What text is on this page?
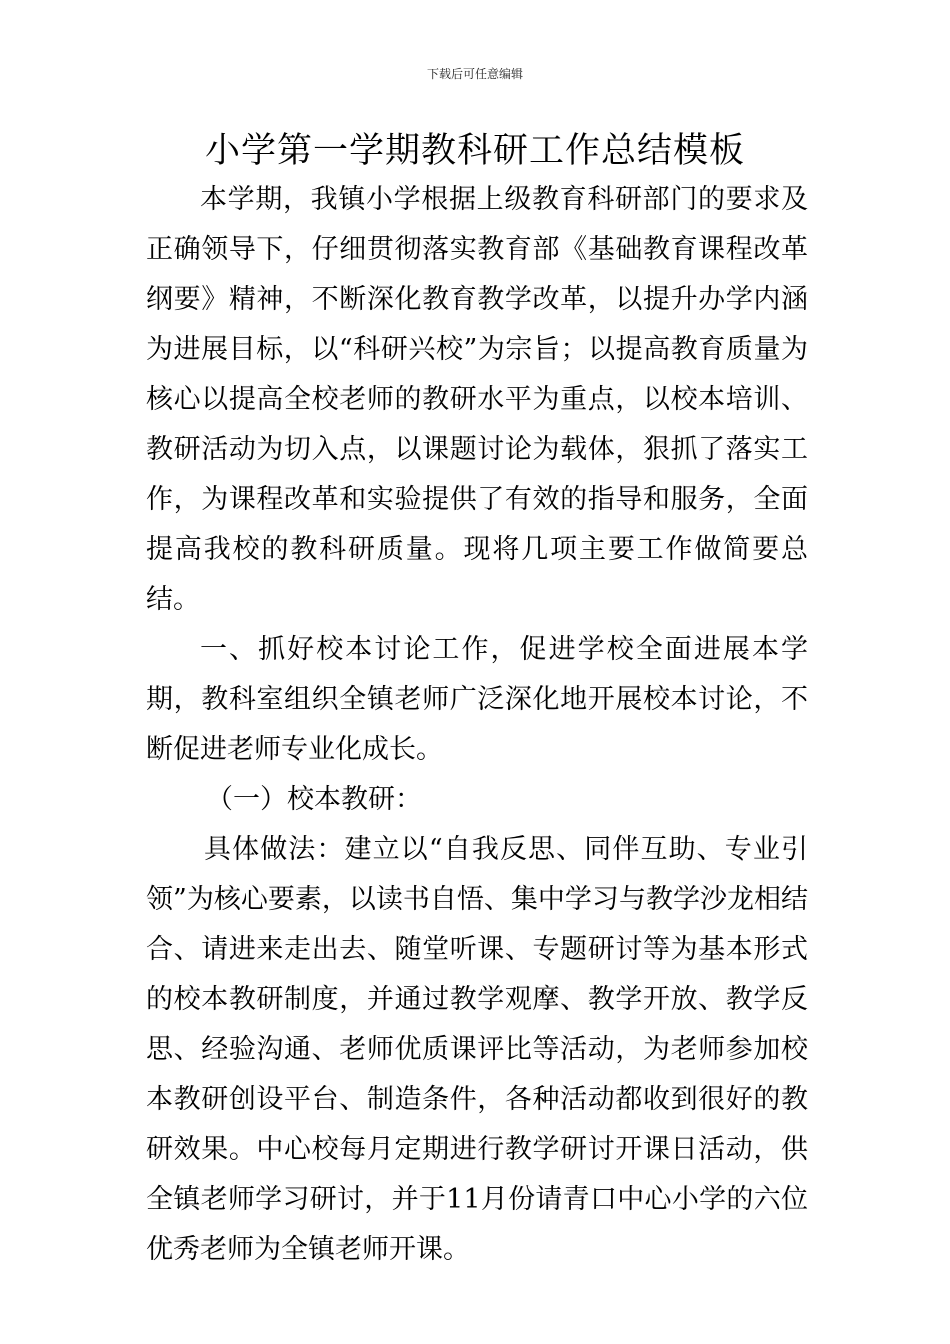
下载后可任意编辑
小学第一学期教科研工作总结模板

本学期，我镇小学根据上级教育科研部门的要求及正确领导下，仔细贯彻落实教育部《基础教育课程改革纲要》精神，不断深化教育教学改革，以提升办学内涵为进展目标，以“科研兴校”为宗旨；以提高教育质量为核心以提高全校老师的教研水平为重点，以校本培训、教研活动为切入点，以课题讨论为载体，狠抓了落实工作，为课程改革和实验提供了有效的指导和服务，全面提高我校的教科研质量。现将几项主要工作做简要总结。

一、抓好校本讨论工作，促进学校全面进展本学期，教科室组织全镇老师广泛深化地开展校本讨论，不断促进老师专业化成长。

（一）校本教研：

具体做法：建立以“自我反思、同伴互助、专业引领”为核心要素，以读书自悟、集中学习与教学沙龙相结合、请进来走出去、随堂听课、专题研讨等为基本形式的校本教研制度，并通过教学观摩、教学开放、教学反思、经验沟通、老师优质课评比等活动，为老师参加校本教研创设平台、制造条件，各种活动都收到很好的教研效果。中心校每月定期进行教学研讨开课日活动，供全镇老师学习研讨，并于11月份请青口中心小学的六位优秀老师为全镇老师开课。
